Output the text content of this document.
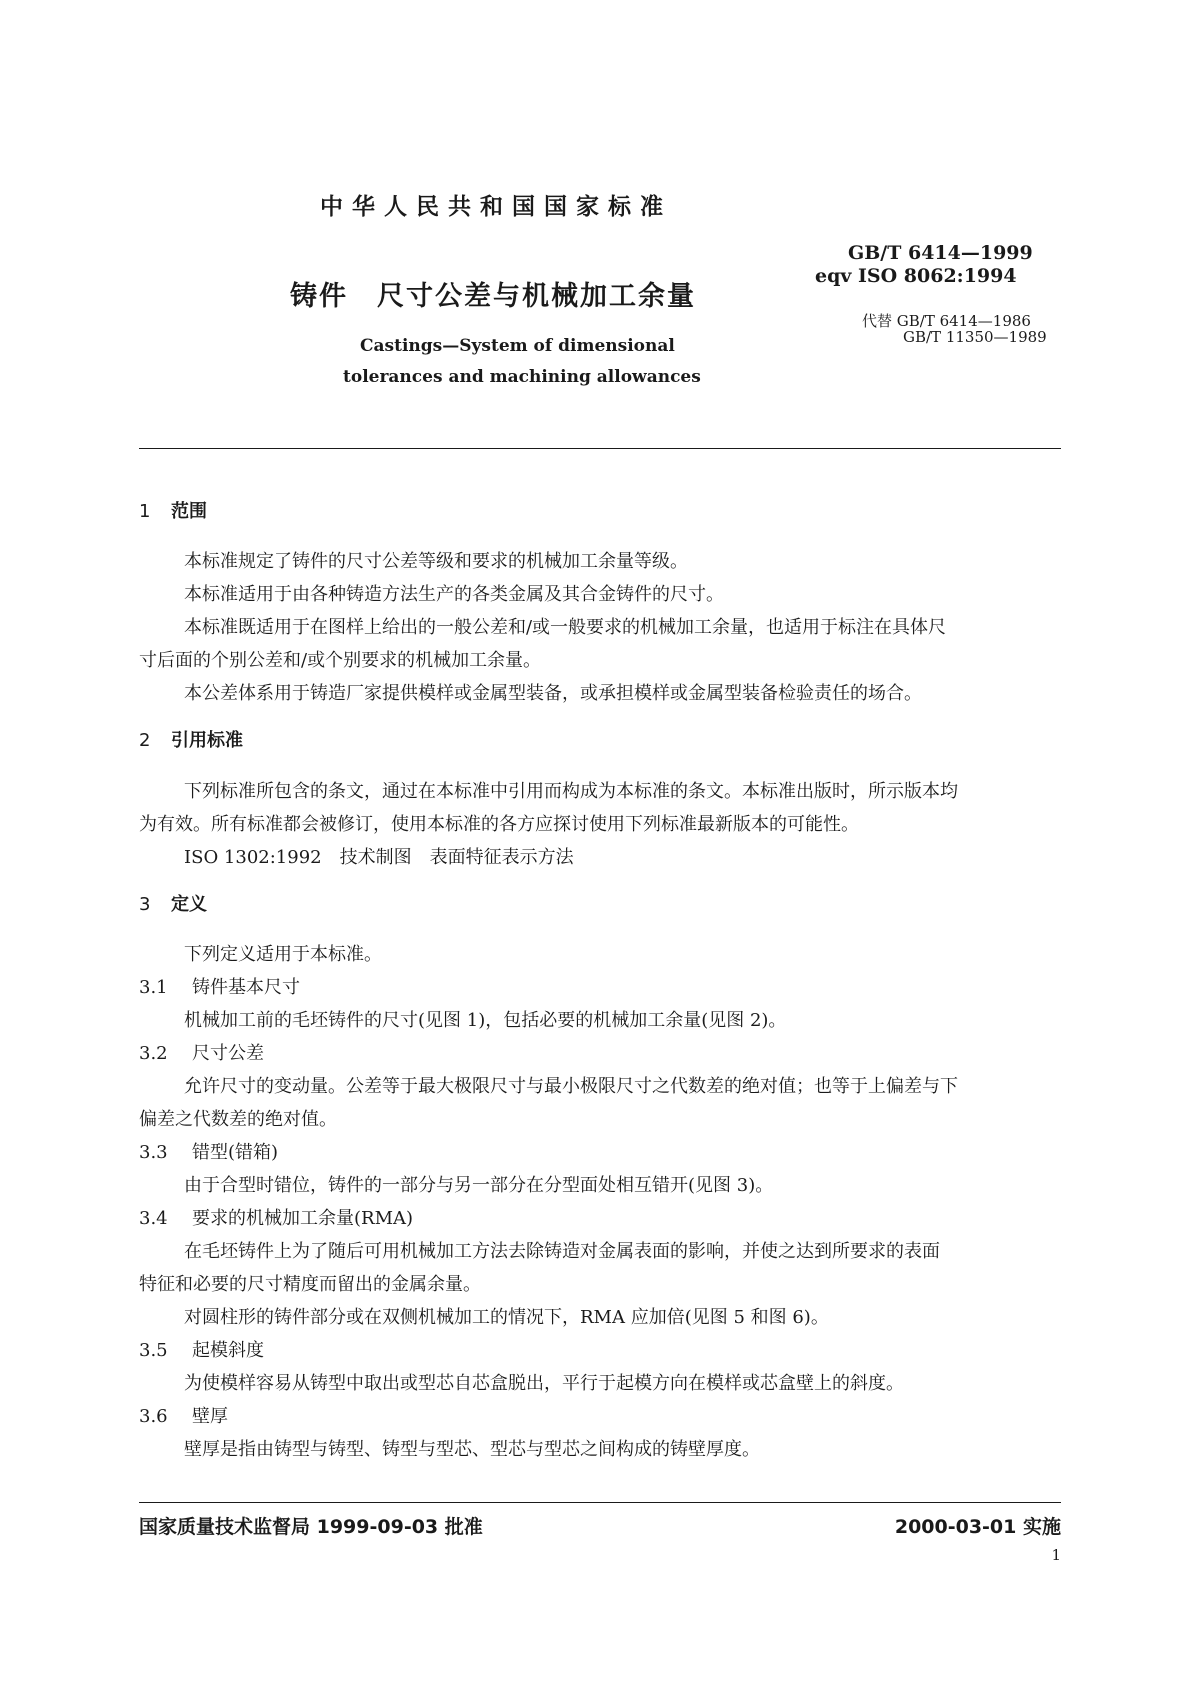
中华人民共和国国家标准
GB/T 6414—1999
eqv ISO 8062:1994
铸件　尺寸公差与机械加工余量
代替 GB/T 6414—1986
GB/T 11350—1989
Castings—System of dimensional
tolerances and machining allowances
1 范围
本标准规定了铸件的尺寸公差等级和要求的机械加工余量等级。
本标准适用于由各种铸造方法生产的各类金属及其合金铸件的尺寸。
本标准既适用于在图样上给出的一般公差和/或一般要求的机械加工余量，也适用于标注在具体尺
寸后面的个别公差和/或个别要求的机械加工余量。
本公差体系用于铸造厂家提供模样或金属型装备，或承担模样或金属型装备检验责任的场合。
2 引用标准
下列标准所包含的条文，通过在本标准中引用而构成为本标准的条文。本标准出版时，所示版本均
为有效。所有标准都会被修订，使用本标准的各方应探讨使用下列标准最新版本的可能性。
ISO 1302:1992　技术制图　表面特征表示方法
3 定义
下列定义适用于本标准。
3.1 铸件基本尺寸
机械加工前的毛坯铸件的尺寸(见图 1)，包括必要的机械加工余量(见图 2)。
3.2 尺寸公差
允许尺寸的变动量。公差等于最大极限尺寸与最小极限尺寸之代数差的绝对值；也等于上偏差与下
偏差之代数差的绝对值。
3.3 错型(错箱)
由于合型时错位，铸件的一部分与另一部分在分型面处相互错开(见图 3)。
3.4 要求的机械加工余量(RMA)
在毛坯铸件上为了随后可用机械加工方法去除铸造对金属表面的影响，并使之达到所要求的表面
特征和必要的尺寸精度而留出的金属余量。
对圆柱形的铸件部分或在双侧机械加工的情况下，RMA 应加倍(见图 5 和图 6)。
3.5 起模斜度
为使模样容易从铸型中取出或型芯自芯盒脱出，平行于起模方向在模样或芯盒壁上的斜度。
3.6 壁厚
壁厚是指由铸型与铸型、铸型与型芯、型芯与型芯之间构成的铸壁厚度。
国家质量技术监督局 1999-09-03 批准	2000-03-01 实施
1
